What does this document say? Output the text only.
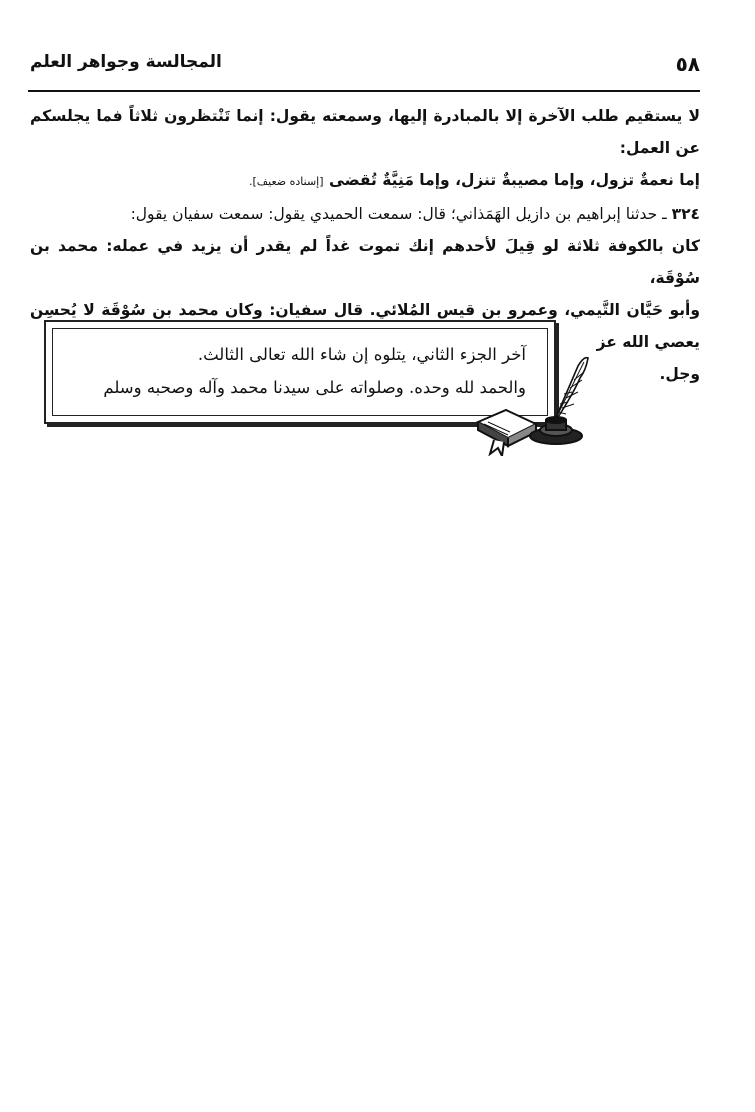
٥٨
المجالسة وجواهر العلم

لا يستقيم طلب الآخرة إلا بالمبادرة إليها، وسمعته يقول: إنما تَنْتظرون ثلاثاً فما يجلسكم عن العمل:

إما نعمةٌ تزول، وإما مصيبةٌ تنزل، وإما مَنِيَّةٌ تُقضى [إسناده ضعيف].

٣٢٤ ـ حدثنا إبراهيم بن دازيل الهَمَذاني؛ قال: سمعت الحميدي يقول: سمعت سفيان يقول:

كان بالكوفة ثلاثة لو قِيلَ لأحدهم إنك تموت غداً لم يقدر أن يزيد في عمله: محمد بن سُوْقَة،

وأبو حَيَّان التَّيمي، وعمرو بن قيس المُلائي. قال سفيان: وكان محمد بن سُوْقَة لا يُحسِن يعصي الله عز

وجل.

آخر الجزء الثاني، يتلوه إن شاء الله تعالى الثالث.
والحمد لله وحده. وصلواته على سيدنا محمد وآله وصحبه وسلم
